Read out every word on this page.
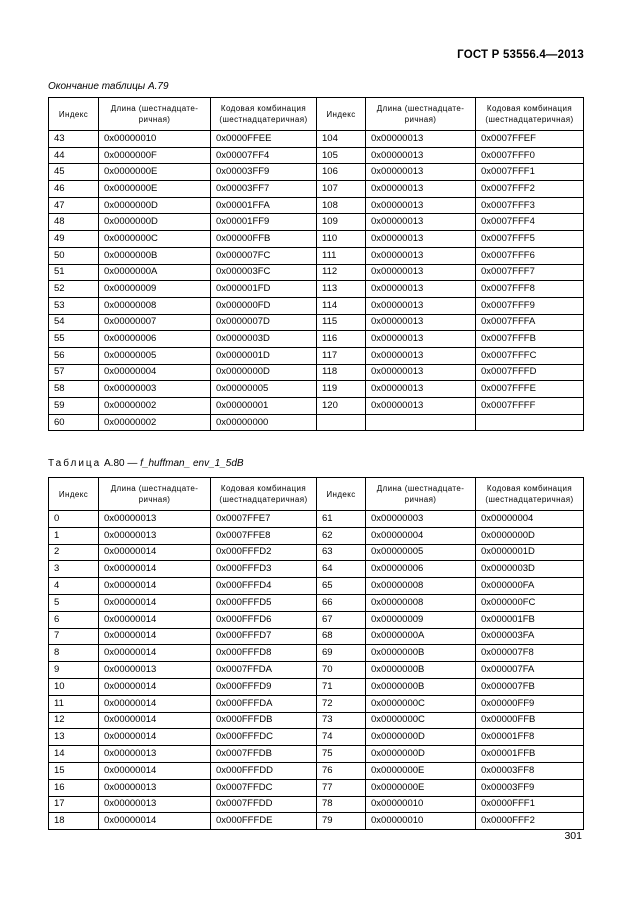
ГОСТ Р 53556.4—2013
Окончание таблицы А.79
Индекс	Длина (шестнадцате-ричная)	Кодовая комбинация (шестнадцатеричная)	Индекс	Длина (шестнадцате-ричная)	Кодовая комбинация (шестнадцатеричная)
43	0x00000010	0x0000FFEE	104	0x00000013	0x0007FFEF
44	0x0000000F	0x00007FF4	105	0x00000013	0x0007FFF0
45	0x0000000E	0x00003FF9	106	0x00000013	0x0007FFF1
46	0x0000000E	0x00003FF7	107	0x00000013	0x0007FFF2
47	0x0000000D	0x00001FFA	108	0x00000013	0x0007FFF3
48	0x0000000D	0x00001FF9	109	0x00000013	0x0007FFF4
49	0x0000000C	0x00000FFB	110	0x00000013	0x0007FFF5
50	0x0000000B	0x000007FC	111	0x00000013	0x0007FFF6
51	0x0000000A	0x000003FC	112	0x00000013	0x0007FFF7
52	0x00000009	0x000001FD	113	0x00000013	0x0007FFF8
53	0x00000008	0x000000FD	114	0x00000013	0x0007FFF9
54	0x00000007	0x0000007D	115	0x00000013	0x0007FFFA
55	0x00000006	0x0000003D	116	0x00000013	0x0007FFFB
56	0x00000005	0x0000001D	117	0x00000013	0x0007FFFC
57	0x00000004	0x0000000D	118	0x00000013	0x0007FFFD
58	0x00000003	0x00000005	119	0x00000013	0x0007FFFE
59	0x00000002	0x00000001	120	0x00000013	0x0007FFFF
60	0x00000002	0x00000000			
Таблица А.80 — f_huffman_ env_1_5dB
Индекс	Длина (шестнадцате-ричная)	Кодовая комбинация (шестнадцатеричная)	Индекс	Длина (шестнадцате-ричная)	Кодовая комбинация (шестнадцатеричная)
0	0x00000013	0x0007FFE7	61	0x00000003	0x00000004
1	0x00000013	0x0007FFE8	62	0x00000004	0x0000000D
2	0x00000014	0x000FFFD2	63	0x00000005	0x0000001D
3	0x00000014	0x000FFFD3	64	0x00000006	0x0000003D
4	0x00000014	0x000FFFD4	65	0x00000008	0x000000FA
5	0x00000014	0x000FFFD5	66	0x00000008	0x000000FC
6	0x00000014	0x000FFFD6	67	0x00000009	0x000001FB
7	0x00000014	0x000FFFD7	68	0x0000000A	0x000003FA
8	0x00000014	0x000FFFD8	69	0x0000000B	0x000007F8
9	0x00000013	0x0007FFDA	70	0x0000000B	0x000007FA
10	0x00000014	0x000FFFD9	71	0x0000000B	0x000007FB
11	0x00000014	0x000FFFDA	72	0x0000000C	0x00000FF9
12	0x00000014	0x000FFFDB	73	0x0000000C	0x00000FFB
13	0x00000014	0x000FFFDC	74	0x0000000D	0x00001FF8
14	0x00000013	0x0007FFDB	75	0x0000000D	0x00001FFB
15	0x00000014	0x000FFFDD	76	0x0000000E	0x00003FF8
16	0x00000013	0x0007FFDC	77	0x0000000E	0x00003FF9
17	0x00000013	0x0007FFDD	78	0x00000010	0x0000FFF1
18	0x00000014	0x000FFFDE	79	0x00000010	0x0000FFF2
301
